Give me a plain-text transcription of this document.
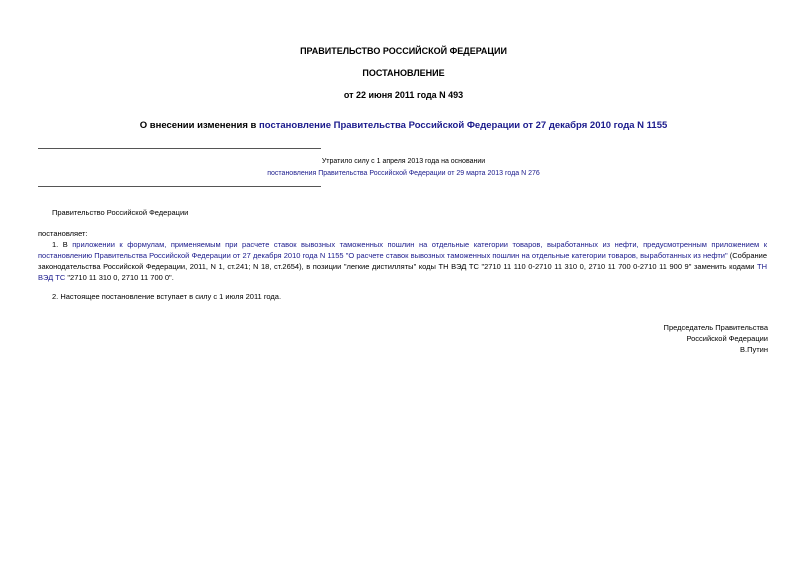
ПРАВИТЕЛЬСТВО РОССИЙСКОЙ ФЕДЕРАЦИИ
ПОСТАНОВЛЕНИЕ
от 22 июня 2011 года N 493
О внесении изменения в постановление Правительства Российской Федерации от 27 декабря 2010 года N 1155
Утратило силу с 1 апреля 2013 года на основании
постановления Правительства Российской Федерации от 29 марта 2013 года N 276
Правительство Российской Федерации
постановляет:
1. В приложении к формулам, применяемым при расчете ставок вывозных таможенных пошлин на отдельные категории товаров, выработанных из нефти, предусмотренным приложением к постановлению Правительства Российской Федерации от 27 декабря 2010 года N 1155 "О расчете ставок вывозных таможенных пошлин на отдельные категории товаров, выработанных из нефти" (Собрание законодательства Российской Федерации, 2011, N 1, ст.241; N 18, ст.2654), в позиции "легкие дистилляты" коды ТН ВЭД ТС "2710 11 110 0-2710 11 310 0, 2710 11 700 0-2710 11 900 9" заменить кодами ТН ВЭД ТС "2710 11 310 0, 2710 11 700 0".
2. Настоящее постановление вступает в силу с 1 июля 2011 года.
Председатель Правительства
Российской Федерации
В.Путин
